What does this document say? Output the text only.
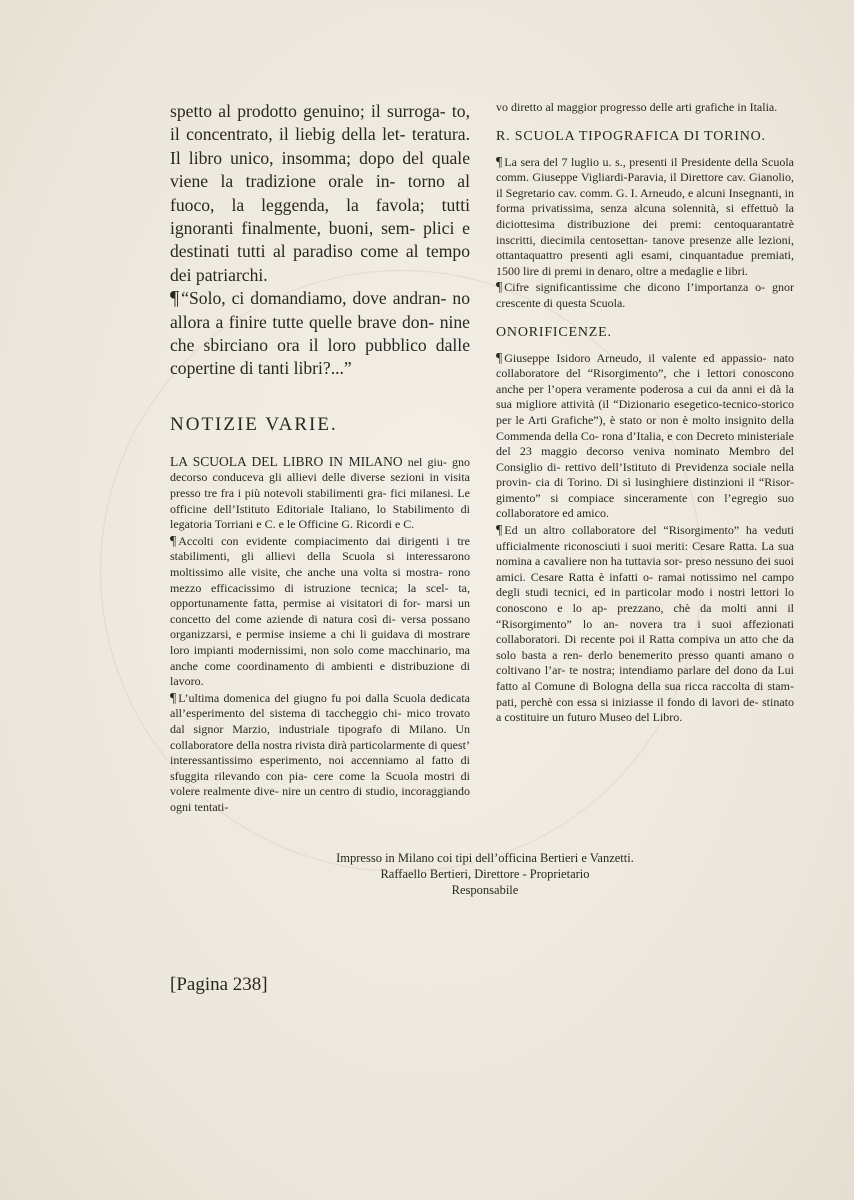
spetto al prodotto genuino; il surroga- to, il concentrato, il liebig della let- teratura. Il libro unico, insomma; dopo del quale viene la tradizione orale in- torno al fuoco, la leggenda, la favola; tutti ignoranti finalmente, buoni, sem- plici e destinati tutti al paradiso come al tempo dei patriarchi.

¶ “Solo, ci domandiamo, dove andran- no allora a finire tutte quelle brave don- nine che sbirciano ora il loro pubblico dalle copertine di tanti libri?...”

NOTIZIE VARIE.

LA SCUOLA DEL LIBRO IN MILANO nel giu- gno decorso conduceva gli allievi delle diverse sezioni in visita presso tre fra i più notevoli stabilimenti gra- fici milanesi. Le officine dell’Istituto Editoriale Italiano, lo Stabilimento di legatoria Torriani e C. e le Officine G. Ricordi e C.

¶ Accolti con evidente compiacimento dai dirigenti i tre stabilimenti, gli allievi della Scuola si interessarono moltissimo alle visite, che anche una volta si mostra- rono mezzo efficacissimo di istruzione tecnica; la scel- ta, opportunamente fatta, permise ai visitatori di for- marsi un concetto del come aziende di natura così di- versa possano organizzarsi, e permise insieme a chi li guidava di mostrare loro impianti modernissimi, non solo come macchinario, ma anche come coordinamento di ambienti e distribuzione di lavoro.

¶ L’ultima domenica del giugno fu poi dalla Scuola dedicata all’esperimento del sistema di taccheggio chi- mico trovato dal signor Marzio, industriale tipografo di Milano. Un collaboratore della nostra rivista dirà particolarmente di quest’ interessantissimo esperimento, noi accenniamo al fatto di sfuggita rilevando con pia- cere come la Scuola mostri di volere realmente dive- nire un centro di studio, incoraggiando ogni tentati-

vo diretto al maggior progresso delle arti grafiche in Italia.

R. SCUOLA TIPOGRAFICA DI TORINO.

¶ La sera del 7 luglio u. s., presenti il Presidente della Scuola comm. Giuseppe Vigliardi-Paravia, il Direttore cav. Gianolio, il Segretario cav. comm. G. I. Arneudo, e alcuni Insegnanti, in forma privatissima, senza alcuna solennità, si effettuò la diciottesima distribuzione dei premi: centoquarantatrè inscritti, diecimila centosettan- tanove presenze alle lezioni, ottantaquattro presenti agli esami, cinquantadue premiati, 1500 lire di premi in denaro, oltre a medaglie e libri.

¶ Cifre significantissime che dicono l’importanza o- gnor crescente di questa Scuola.

ONORIFICENZE.

¶ Giuseppe Isidoro Arneudo, il valente ed appassio- nato collaboratore del “Risorgimento”, che i lettori conoscono anche per l’opera veramente poderosa a cui da anni ei dà la sua migliore attività (il “Dizionario esegetico-tecnico-storico per le Arti Grafiche”), è stato or non è molto insignito della Commenda della Co- rona d’Italia, e con Decreto ministeriale del 23 maggio decorso veniva nominato Membro del Consiglio di- rettivo dell’Istituto di Previdenza sociale nella provin- cia di Torino. Di sì lusinghiere distinzioni il “Risor- gimento” si compiace sinceramente con l’egregio suo collaboratore ed amico.

¶ Ed un altro collaboratore del “Risorgimento” ha veduti ufficialmente riconosciuti i suoi meriti: Cesare Ratta. La sua nomina a cavaliere non ha tuttavia sor- preso nessuno dei suoi amici. Cesare Ratta è infatti o- ramai notissimo nel campo degli studi tecnici, ed in particolar modo i nostri lettori lo conoscono e lo ap- prezzano, chè da molti anni il “Risorgimento” lo an- novera tra i suoi affezionati collaboratori. Di recente poi il Ratta compiva un atto che da solo basta a ren- derlo benemerito presso quanti amano o coltivano l’ar- te nostra; intendiamo parlare del dono da Lui fatto al Comune di Bologna della sua ricca raccolta di stam- pati, perchè con essa si iniziasse il fondo di lavori de- stinato a costituire un futuro Museo del Libro.

Impresso in Milano coi tipi dell’officina Bertieri e Vanzetti.
Raffaello Bertieri, Direttore - Proprietario
Responsabile
[Pagina 238]
